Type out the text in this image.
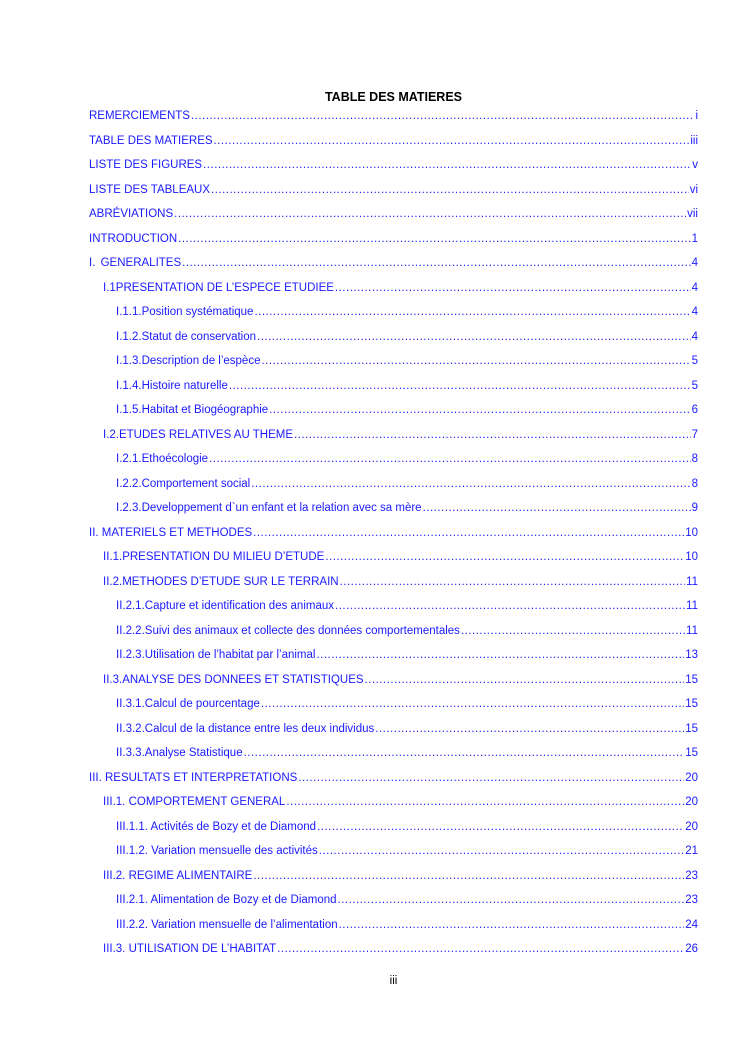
TABLE DES MATIERES
REMERCIEMENTS .....	i
TABLE DES MATIERES .....	iii
LISTE DES FIGURES .....	v
LISTE DES TABLEAUX .....	vi
ABRÉVIATIONS .....	vii
INTRODUCTION .....	1
I. GENERALITES .....	4
I.1 PRESENTATION DE L’ESPECE ETUDIEE .....	4
I.1.1. Position systématique .....	4
I.1.2. Statut de conservation .....	4
I.1.3. Description de l’espèce .....	5
I.1.4. Histoire naturelle .....	5
I.1.5. Habitat et Biogéographie .....	6
I.2. ETUDES RELATIVES AU THEME .....	7
I.2.1. Ethoécologie .....	8
I.2.2. Comportement social .....	8
I.2.3. Developpement d`un enfant et la relation avec sa mère .....	9
II. MATERIELS ET METHODES .....	10
II.1. PRESENTATION DU MILIEU D’ETUDE .....	10
II.2. METHODES D’ETUDE SUR LE TERRAIN .....	11
II.2.1. Capture et identification des animaux .....	11
II.2.2. Suivi des animaux et collecte des données comportementales .....	11
II.2.3. Utilisation de l’habitat par l’animal .....	13
II.3. ANALYSE DES DONNEES ET STATISTIQUES .....	15
II.3.1. Calcul de pourcentage .....	15
II.3.2. Calcul de la distance entre les deux individus .....	15
II.3.3. Analyse Statistique .....	15
III. RESULTATS ET INTERPRETATIONS .....	20
III.1. COMPORTEMENT GENERAL .....	20
III.1.1. Activités de Bozy et de Diamond .....	20
III.1.2. Variation mensuelle des activités .....	21
III.2. REGIME ALIMENTAIRE .....	23
III.2.1. Alimentation de Bozy et de Diamond .....	23
III.2.2. Variation mensuelle de l’alimentation .....	24
III.3. UTILISATION DE L’HABITAT .....	26
iii
